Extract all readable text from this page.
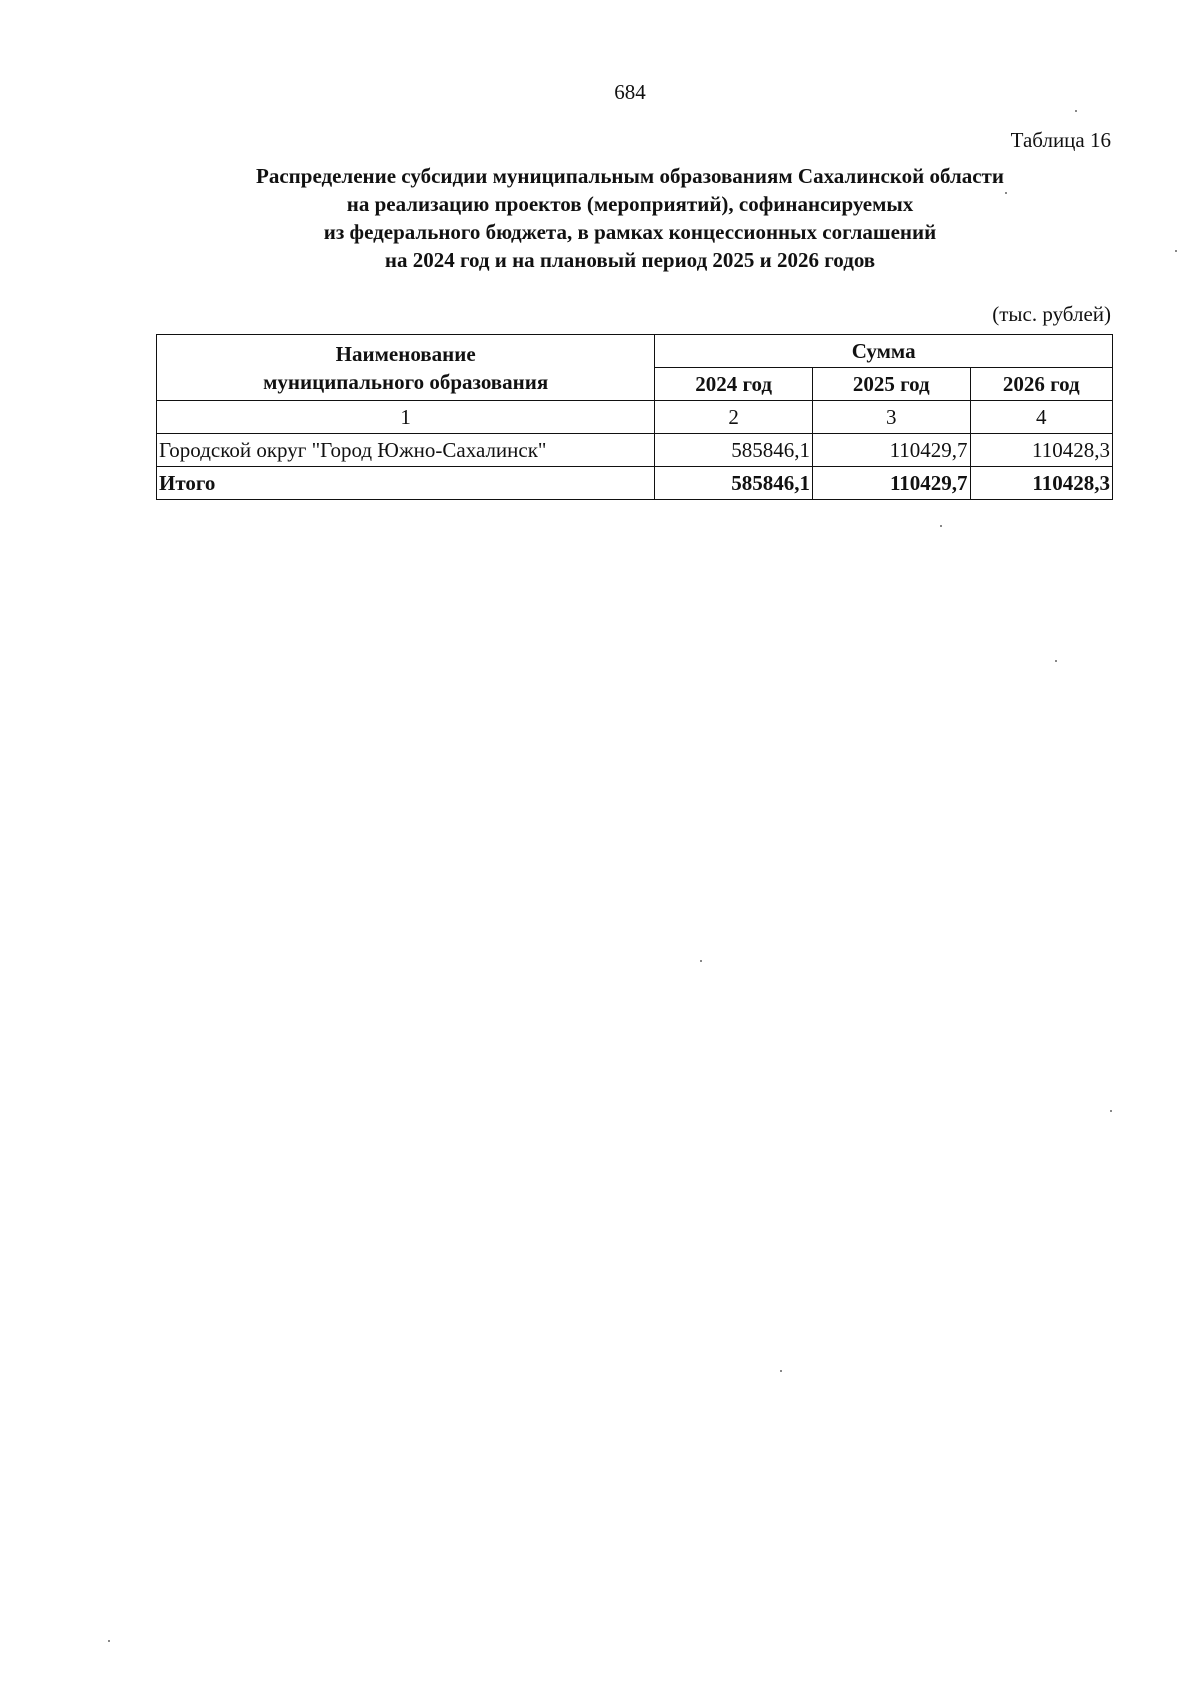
684
Таблица 16
Распределение субсидии муниципальным образованиям Сахалинской области
на реализацию проектов (мероприятий), софинансируемых
из федерального бюджета, в рамках концессионных соглашений
на 2024 год и на плановый период 2025 и 2026 годов
(тыс. рублей)
Наименование
муниципального образования	Сумма		
	2024 год	2025 год	2026 год
1	2	3	4
Городской округ "Город Южно-Сахалинск"	585846,1	110429,7	110428,3
Итого	585846,1	110429,7	110428,3
